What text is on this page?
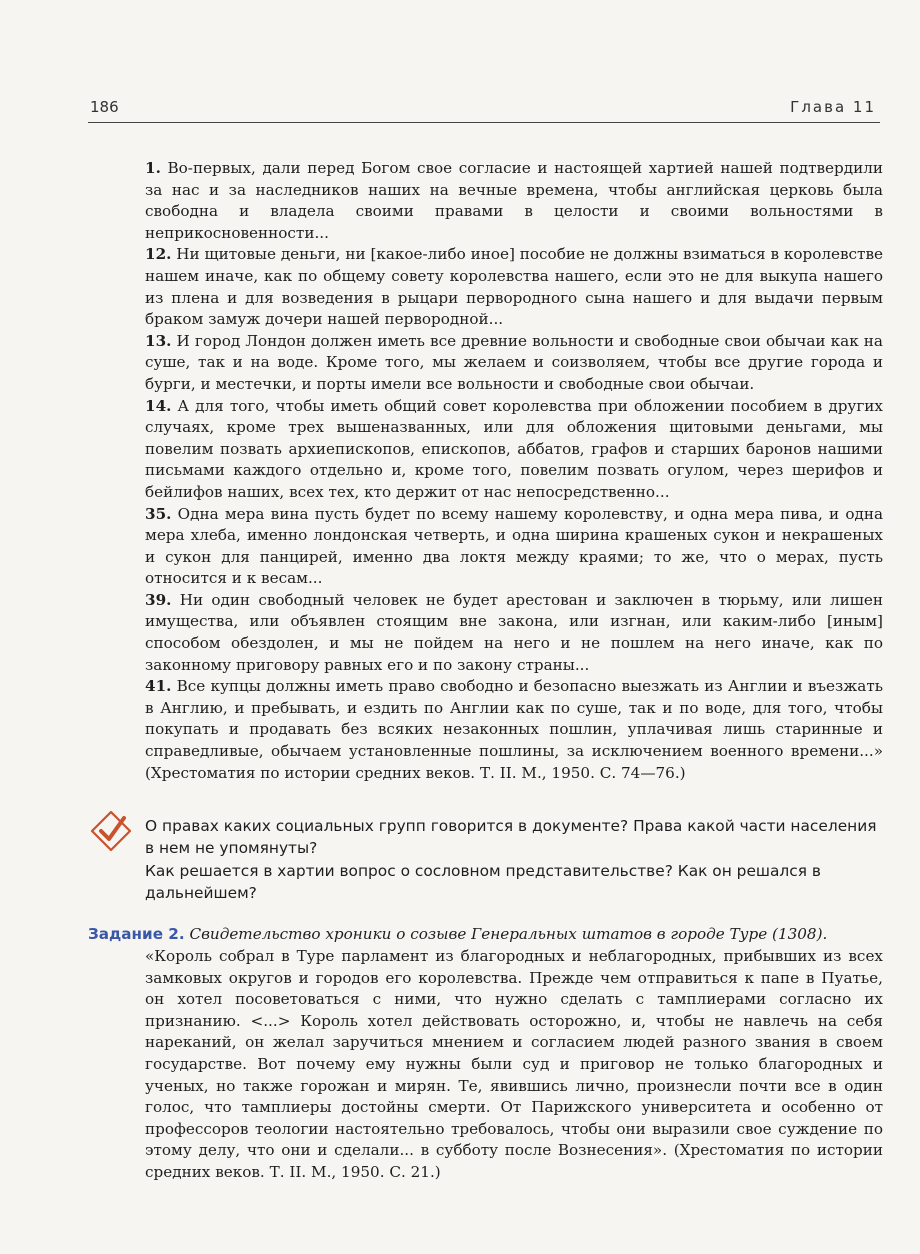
186	Глава 11

1. Во-первых, дали перед Богом свое согласие и настоящей хартией нашей подтвердили за нас и за наследников наших на вечные времена, чтобы английская церковь была свободна и владела своими правами в целости и своими вольностями в неприкосновенности...

12. Ни щитовые деньги, ни [какое-либо иное] пособие не должны взиматься в королевстве нашем иначе, как по общему совету королевства нашего, если это не для выкупа нашего из плена и для возведения в рыцари первородного сына нашего и для выдачи первым браком замуж дочери нашей первородной...

13. И город Лондон должен иметь все древние вольности и свободные свои обычаи как на суше, так и на воде. Кроме того, мы желаем и соизволяем, чтобы все другие города и бурги, и местечки, и порты имели все вольности и свободные свои обычаи.

14. А для того, чтобы иметь общий совет королевства при обложении пособием в других случаях, кроме трех вышеназванных, или для обложения щитовыми деньгами, мы повелим позвать архиепископов, епископов, аббатов, графов и старших баронов нашими письмами каждого отдельно и, кроме того, повелим позвать огулом, через шерифов и бейлифов наших, всех тех, кто держит от нас непосредственно...

35. Одна мера вина пусть будет по всему нашему королевству, и одна мера пива, и одна мера хлеба, именно лондонская четверть, и одна ширина крашеных сукон и некрашеных и сукон для панцирей, именно два локтя между краями; то же, что о мерах, пусть относится и к весам...

39. Ни один свободный человек не будет арестован и заключен в тюрьму, или лишен имущества, или объявлен стоящим вне закона, или изгнан, или каким-либо [иным] способом обездолен, и мы не пойдем на него и не пошлем на него иначе, как по законному приговору равных его и по закону страны...

41. Все купцы должны иметь право свободно и безопасно выезжать из Англии и въезжать в Англию, и пребывать, и ездить по Англии как по суше, так и по воде, для того, чтобы покупать и продавать без всяких незаконных пошлин, уплачивая лишь старинные и справедливые, обычаем установленные пошлины, за исключением военного времени...» (Хрестоматия по истории средних веков. Т. II. М., 1950. С. 74—76.)

О правах каких социальных групп говорится в документе? Права какой части населения в нем не упомянуты?

Как решается в хартии вопрос о сословном представительстве? Как он решался в дальнейшем?

Задание 2. Свидетельство хроники о созыве Генеральных штатов в городе Туре (1308).
«Король собрал в Туре парламент из благородных и неблагородных, прибывших из всех замковых округов и городов его королевства. Прежде чем отправиться к папе в Пуатье, он хотел посоветоваться с ними, что нужно сделать с тамплиерами согласно их признанию. <...> Король хотел действовать осторожно, и, чтобы не навлечь на себя нареканий, он желал заручиться мнением и согласием людей разного звания в своем государстве. Вот почему ему нужны были суд и приговор не только благородных и ученых, но также горожан и мирян. Те, явившись лично, произнесли почти все в один голос, что тамплиеры достойны смерти. От Парижского университета и особенно от профессоров теологии настоятельно требовалось, чтобы они выразили свое суждение по этому делу, что они и сделали... в субботу после Вознесения». (Хрестоматия по истории средних веков. Т. II. М., 1950. С. 21.)
